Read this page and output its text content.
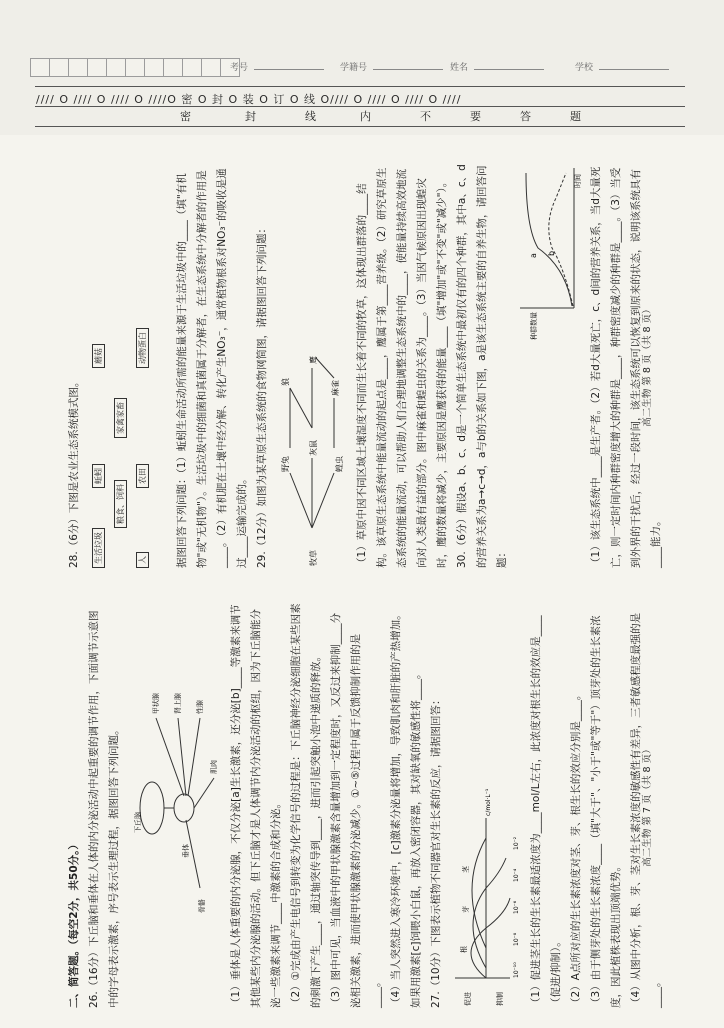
考号	学籍号	姓名	学校
//// O //// O //// O ////O 密 O 封 O 装 O 订 O 线 O//// O //// O //// O ////
密	封	线	内	不	要	答	题

二、简答题。（每空2分，共50分。） 26.（16分）下丘脑和垂体在人体的内分泌活动中起重要的调节作用，下面调节示意图中的字母表示激素，序号表示生理过程，据图回答下列问题。	下丘脑
垂体
甲状腺 肾上腺 性腺
骨骼
肌肉	（1）垂体是人体重要的内分泌腺，不仅分泌[a]生长激素，还分泌[b]____等激素来调节其他某些内分泌腺的活动。但下丘脑才是人体调节内分泌活动的枢纽，因为下丘脑能分泌一些激素来调节____中激素的合成和分泌。 （2）①完成由产生电信号到转变为化学信号的过程是：下丘脑神经分泌细胞在某些因素的刺激下产生____，通过轴突传导到____，进而引起突触小泡中递质的释放。 （3）图中可见，当血液中的甲状腺激素含量增加到一定程度时，又反过来抑制____分泌相关激素，进而使甲状腺激素的分泌减少。①~⑤过程中属于反馈抑制作用的是____。 （4）当人突然进入寒冷环境中，[c]激素分泌量将增加，导致肌肉和肝脏的产热增加。如果用激素[c]饲喂小白鼠，再放入密闭容器，其对缺氧的敏感性将____。 27.（10分）下图表示植物不同器官对生长素的反应，请据图回答：	促进	抑制
根
芽
茎
10⁻¹⁰
10⁻⁸
10⁻⁶
10⁻⁴
10⁻²
c/mol·L⁻¹	（1）促进茎生长的生长素最适浓度为____mol/L左右，此浓度对根生长的效应是____（促进/抑制）。 （2）A点所对应的生长素浓度对茎、芽、根生长的效应分别是____。 （3）由于侧芽处的生长素浓度____（填"大于"、"小于"或"等于"）顶芽处的生长素浓度，因此植株表现出顶端优势。 （4）从图中分析，根、芽、茎对生长素浓度的敏感性有差异，三者敏感程度最强的是____。

高二生物 第 7 页（共 8 页）

28.（6分）下图是农业生态系统模式图。	生活垃圾
蚯蚓
粮食、饲料
蘑菇	动物蛋白
农田
人
家禽家畜	据图回答下列问题：（1）蚯蚓生命活动所需的能量来源于生活垃圾中的____（填"有机物"或"无机物"）。生活垃圾中的细菌和真菌属于分解者，在生态系统中分解者的作用是____。（2）有机肥在土壤中经分解、转化产生NO₃⁻，通常植物根系对NO₃⁻的吸收是通过____运输完成的。 29.（12分）如图为某草原生态系统的食物网简图，请据图回答下列问题：	牧草
野兔
灰鼠
狼
鹰
麻雀
蝗虫	（1）草原中因不同区域土壤湿度不同而生长着不同的牧草，这体现出群落的____结构。该草原生态系统中能量流动的起点是____，鹰属于第____营养级。（2）研究草原生态系统的能量流动，可以帮助人们合理地调整生态系统中的____，使能量持续高效地流向对人类最有益的部分。图中麻雀和蝗虫的关系为____。（3）当因气候原因出现蝗灾时，鹰的数量将减少，主要原因是鹰获得的能量____（填"增加"或"不变"或"减少"）。 30.（6分）假设a、b、c、d是一个简单生态系统中最初仅有的四个种群，其中a、c、d的营养关系为a→c→d，a与b的关系如下图，a是该生态系统主要的自养生物，请回答问题：

种群数量
时间
a b	（1）该生态系统中____是生产者。（2）若d大量死亡，c、d间的营养关系，当d大量死亡，则一定时间内种群密度增大的种群是____，种群密度减少的种群是____。（3）当受到外界的干扰后，经过一段时间，该生态系统可以恢复到原来的状态，说明该系统具有____能力。

高二生物 第 8 页（共 8 页）
